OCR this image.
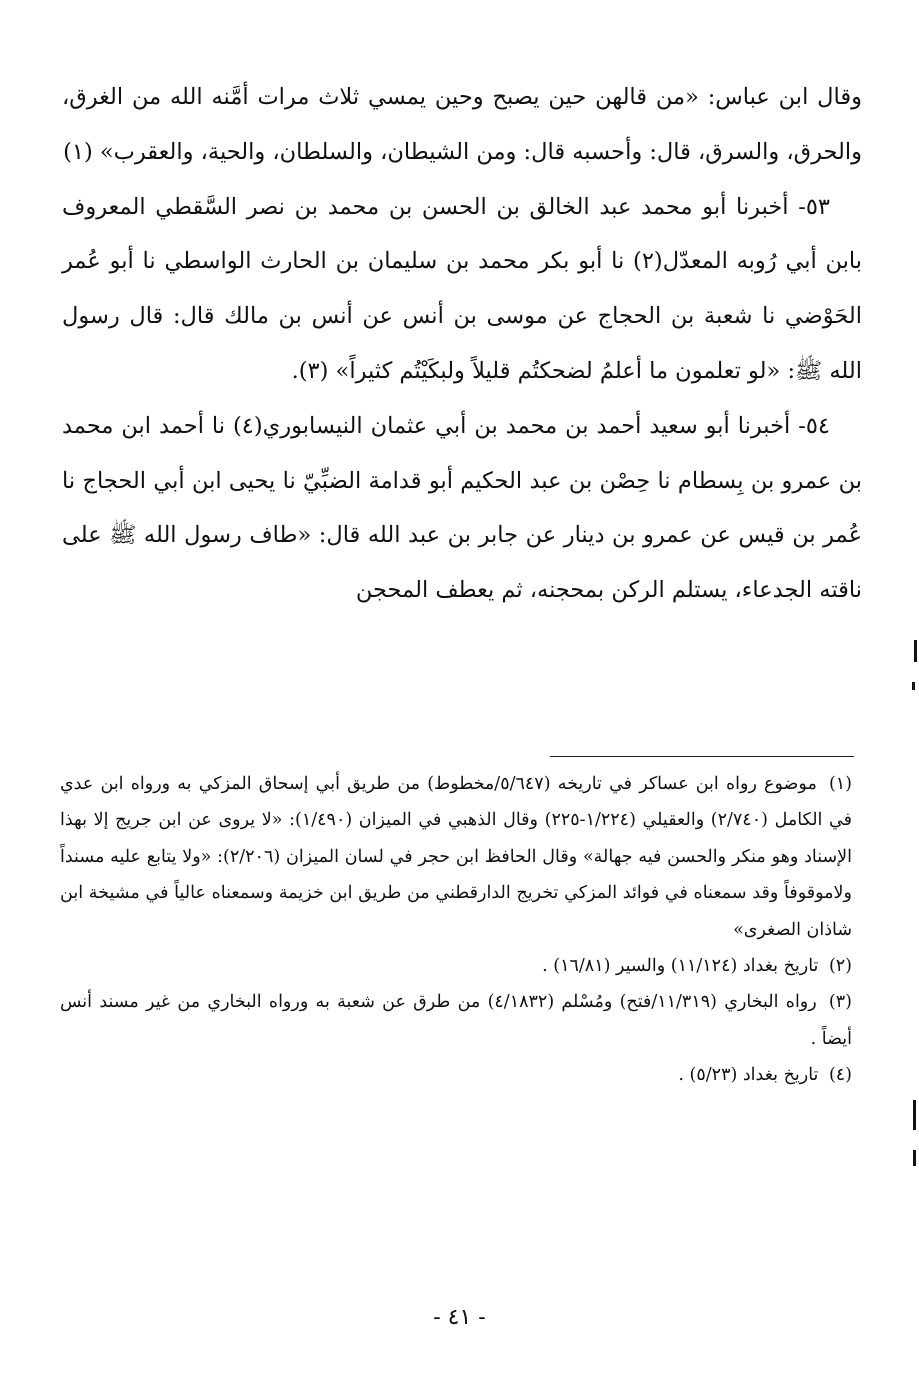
وقال ابن عباس: «من قالهن حين يصبح وحين يمسي ثلاث مرات أمَّنه الله من الغرق، والحرق، والسرق، قال: وأحسبه قال: ومن الشيطان، والسلطان، والحية، والعقرب» (١)

٥٣- أخبرنا أبو محمد عبد الخالق بن الحسن بن محمد بن نصر السَّقطي المعروف بابن أبي رُوبه المعدّل(٢) نا أبو بكر محمد بن سليمان بن الحارث الواسطي نا أبو عُمر الحَوْضي نا شعبة بن الحجاج عن موسى بن أنس عن أنس بن مالك قال: قال رسول الله ﷺ: «لو تعلمون ما أعلمُ لضحكتُم قليلاً ولبكَيْتُم كثيراً» (٣).

٥٤- أخبرنا أبو سعيد أحمد بن محمد بن أبي عثمان النيسابوري(٤) نا أحمد ابن محمد بن عمرو بن بِسطام نا حِصْن بن عبد الحكيم أبو قدامة الضبِّيّ نا يحيى ابن أبي الحجاج نا عُمر بن قيس عن عمرو بن دينار عن جابر بن عبد الله قال: «طاف رسول الله ﷺ على ناقته الجدعاء، يستلم الركن بمحجنه، ثم يعطف المحجن

(١) موضوع رواه ابن عساكر في تاريخه (٥/٦٤٧/مخطوط) من طريق أبي إسحاق المزكي به ورواه ابن عدي في الكامل (٢/٧٤٠) والعقيلي (١/٢٢٤-٢٢٥) وقال الذهبي في الميزان (١/٤٩٠): «لا يروى عن ابن جريج إلا بهذا الإسناد وهو منكر والحسن فيه جهالة» وقال الحافظ ابن حجر في لسان الميزان (٢/٢٠٦): «ولا يتابع عليه مسنداً ولاموقوفاً وقد سمعناه في فوائد المزكي تخريج الدارقطني من طريق ابن خزيمة وسمعناه عالياً في مشيخة ابن شاذان الصغرى»

(٢) تاريخ بغداد (١١/١٢٤) والسير (١٦/٨١) .

(٣) رواه البخاري (١١/٣١٩/فتح) ومُسْلم (٤/١٨٣٢) من طرق عن شعبة به ورواه البخاري من غير مسند أنس أيضاً .

(٤) تاريخ بغداد (٥/٢٣) .

- ٤١ -
